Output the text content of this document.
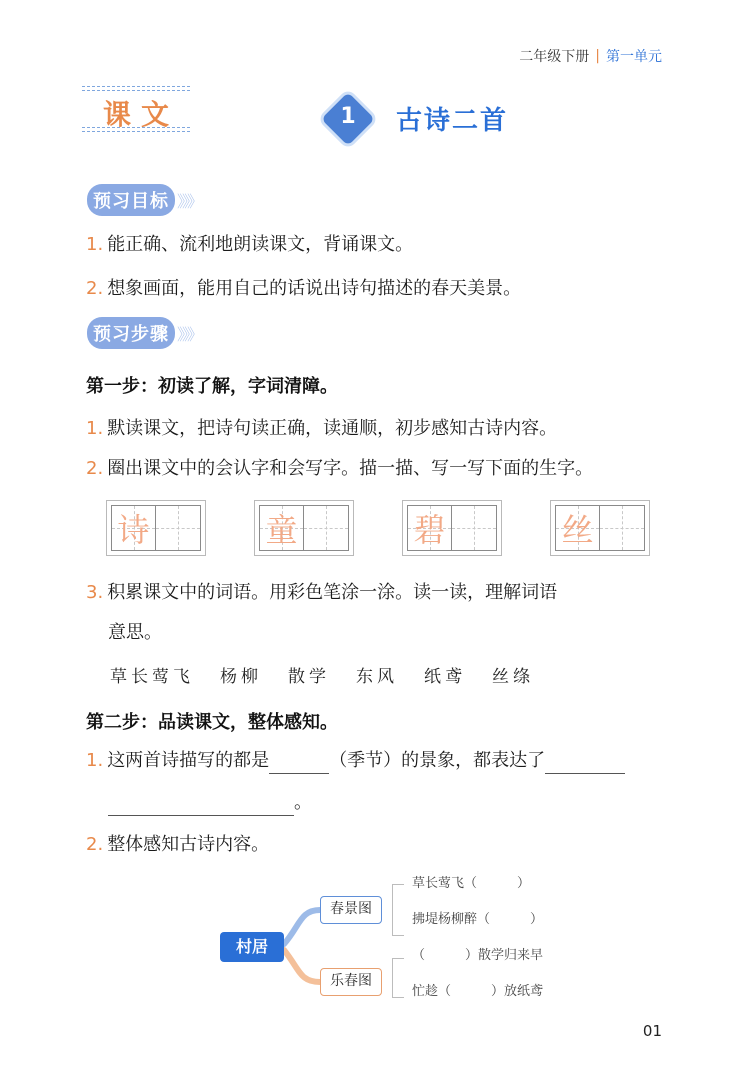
二年级下册 | 第一单元
课文	1	古诗二首
预习目标 》》》
1. 能正确、流利地朗读课文，背诵课文。
2. 想象画面，能用自己的话说出诗句描述的春天美景。
预习步骤 》》》
第一步：初读了解，字词清障。
1. 默读课文，把诗句读正确，读通顺，初步感知古诗内容。
2. 圈出课文中的会认字和会写字。描一描、写一写下面的生字。
诗	童	碧	丝
3. 积累课文中的词语。用彩色笔涂一涂。读一读，理解词语
意思。
草长莺飞 杨柳 散学 东风 纸鸢 丝绦
第二步：品读课文，整体感知。
1. 这两首诗描写的都是	（季节）的景象，都表达了
。
2. 整体感知古诗内容。
村居
春景图
草长莺飞（	）
拂堤杨柳醉（	）
乐春图
（	）散学归来早
忙趁（	）放纸鸢
01
